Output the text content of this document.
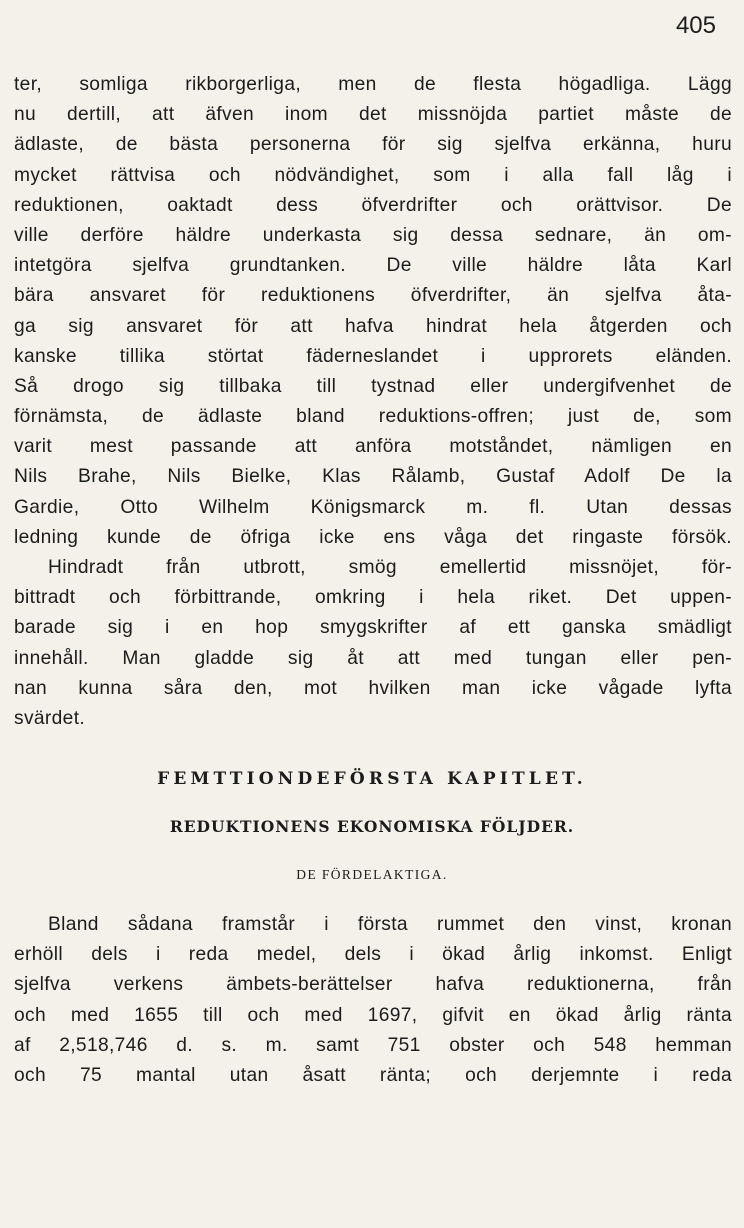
405
ter, somliga rikborgerliga, men de flesta högadliga. Lägg
nu dertill, att äfven inom det missnöjda partiet måste de
ädlaste, de bästa personerna för sig sjelfva erkänna, huru
mycket rättvisa och nödvändighet, som i alla fall låg i
reduktionen, oaktadt dess öfverdrifter och orättvisor. De
ville derföre häldre underkasta sig dessa sednare, än om-
intetgöra sjelfva grundtanken. De ville häldre låta Karl
bära ansvaret för reduktionens öfverdrifter, än sjelfva åta-
ga sig ansvaret för att hafva hindrat hela åtgerden och
kanske tillika störtat fäderneslandet i upprorets eländen.
Så drogo sig tillbaka till tystnad eller undergifvenhet de
förnämsta, de ädlaste bland reduktions-offren; just de, som
varit mest passande att anföra motståndet, nämligen en
Nils Brahe, Nils Bielke, Klas Rålamb, Gustaf Adolf De la
Gardie, Otto Wilhelm Königsmarck m. fl. Utan dessas
ledning kunde de öfriga icke ens våga det ringaste försök.
Hindradt från utbrott, smög emellertid missnöjet, för-
bittradt och förbittrande, omkring i hela riket. Det uppen-
barade sig i en hop smygskrifter af ett ganska smädligt
innehåll. Man gladde sig åt att med tungan eller pen-
nan kunna såra den, mot hvilken man icke vågade lyfta
svärdet.
FEMTTIONDEFÖRSTA KAPITLET.
REDUKTIONENS EKONOMISKA FÖLJDER.
DE FÖRDELAKTIGA.
Bland sådana framstår i första rummet den vinst, kronan
erhöll dels i reda medel, dels i ökad årlig inkomst. Enligt
sjelfva verkens ämbets-berättelser hafva reduktionerna, från
och med 1655 till och med 1697, gifvit en ökad årlig ränta
af 2,518,746 d. s. m. samt 751 obster och 548 hemman
och 75 mantal utan åsatt ränta; och derjemnte i reda
